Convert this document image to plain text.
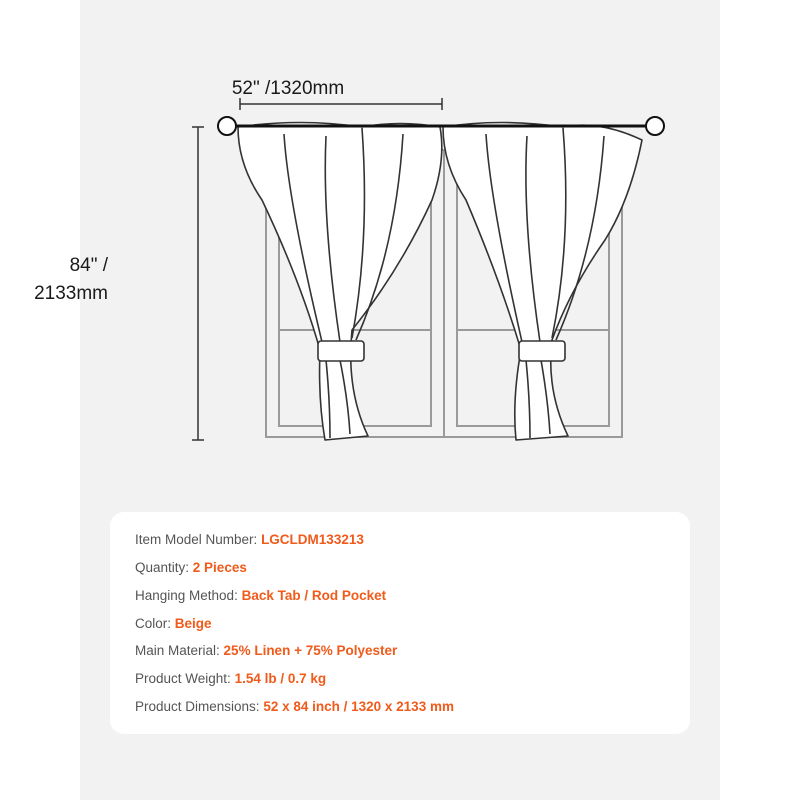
52" /1320mm
84" /
2133mm
Item Model Number: LGCLDM133213
Quantity: 2 Pieces
Hanging Method: Back Tab / Rod Pocket
Color: Beige
Main Material: 25% Linen + 75% Polyester
Product Weight: 1.54 lb / 0.7 kg
Product Dimensions: 52 x 84 inch / 1320 x 2133 mm
